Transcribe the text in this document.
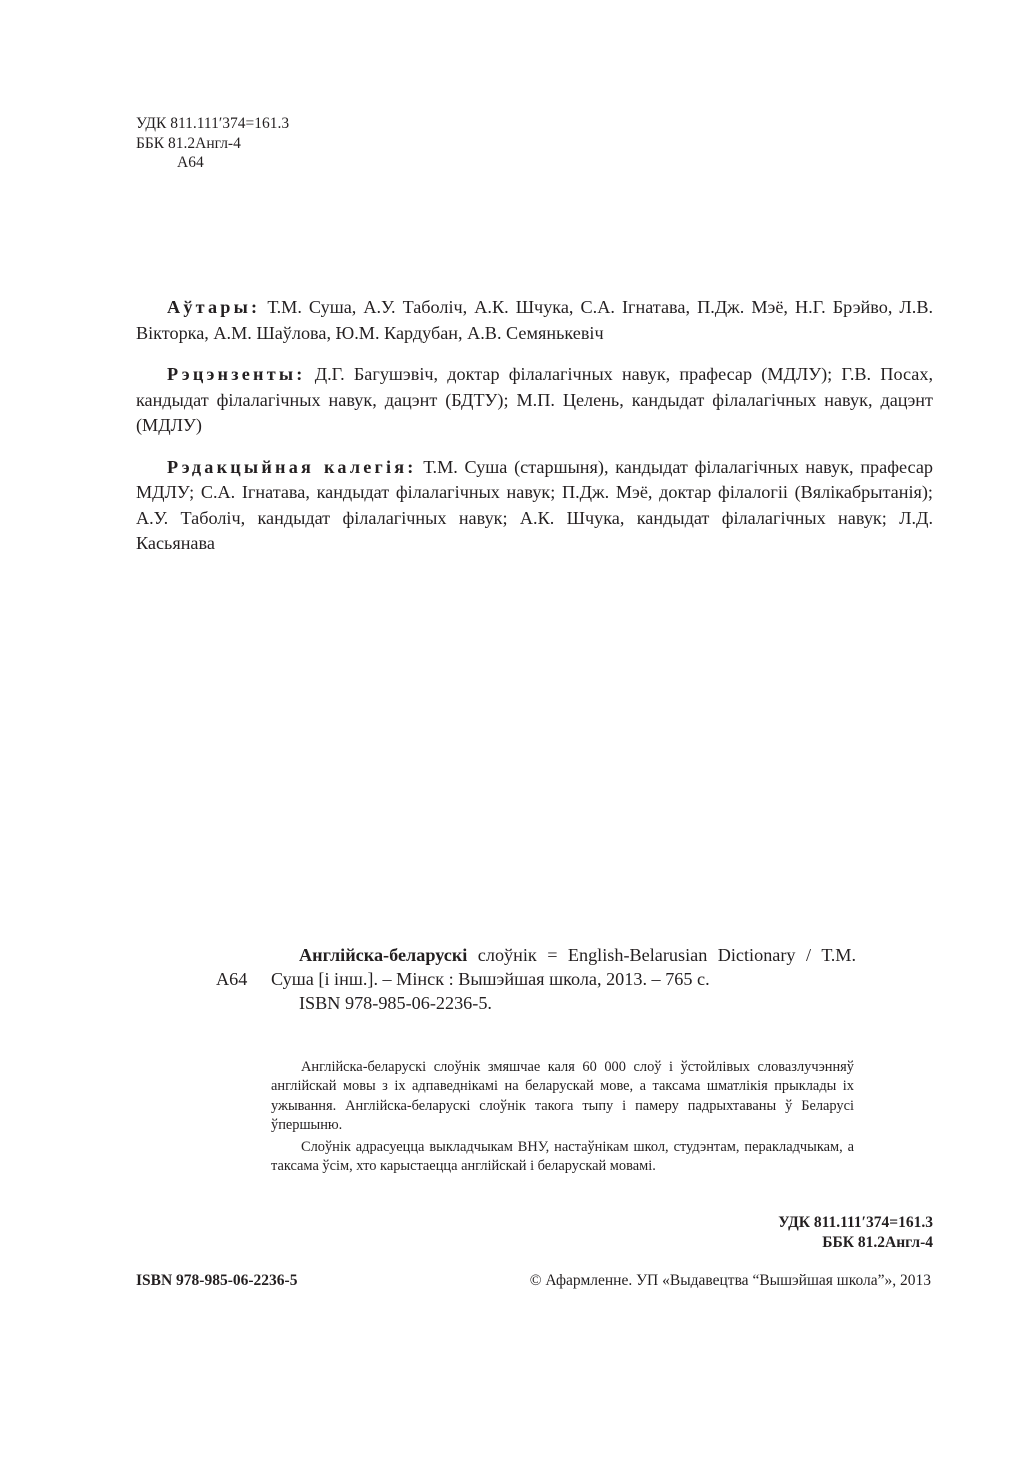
УДК 811.111′374=161.3
ББК 81.2Англ-4
А64

Аўтары: Т.М. Суша, А.У. Таболіч, А.К. Шчука, С.А. Ігнатава, П.Дж. Мэё, Н.Г. Брэйво, Л.В. Вікторка, А.М. Шаўлова, Ю.М. Кардубан, А.В. Семянькевіч

Рэцэнзенты: Д.Г. Багушэвіч, доктар філалагічных навук, прафесар (МДЛУ); Г.В. Посах, кандыдат філалагічных навук, дацэнт (БДТУ); М.П. Целень, кандыдат філалагічных навук, дацэнт (МДЛУ)

Рэдакцыйная калегія: Т.М. Суша (старшыня), кандыдат філалагічных навук, прафесар МДЛУ; С.А. Ігнатава, кандыдат філалагічных навук; П.Дж. Мэё, доктар філалогіі (Вялікабрытанія); А.У. Таболіч, кандыдат філалагічных навук; А.К. Шчука, кандыдат філалагічных навук; Л.Д. Касьянава

А64
Англійска-беларускі слоўнік = English-Belarusian Dictionary / Т.М. Суша [і інш.]. – Мінск : Вышэйшая школа, 2013. – 765 с.
ISBN 978-985-06-2236-5.

Англійска-беларускі слоўнік змяшчае каля 60 000 слоў і ўстойлівых словазлучэнняў англійскай мовы з іх адпаведнікамі на беларускай мове, а таксама шматлікія прыклады іх ужывання. Англійска-беларускі слоўнік такога тыпу і памеру падрыхтаваны ў Беларусі ўпершыню.

Слоўнік адрасуецца выкладчыкам ВНУ, настаўнікам школ, студэнтам, перакладчыкам, а таксама ўсім, хто карыстаецца англійскай і беларускай мовамі.

УДК 811.111′374=161.3
ББК 81.2Англ-4
ISBN 978-985-06-2236-5	© Афармленне. УП «Выдавецтва “Вышэйшая школа”», 2013
